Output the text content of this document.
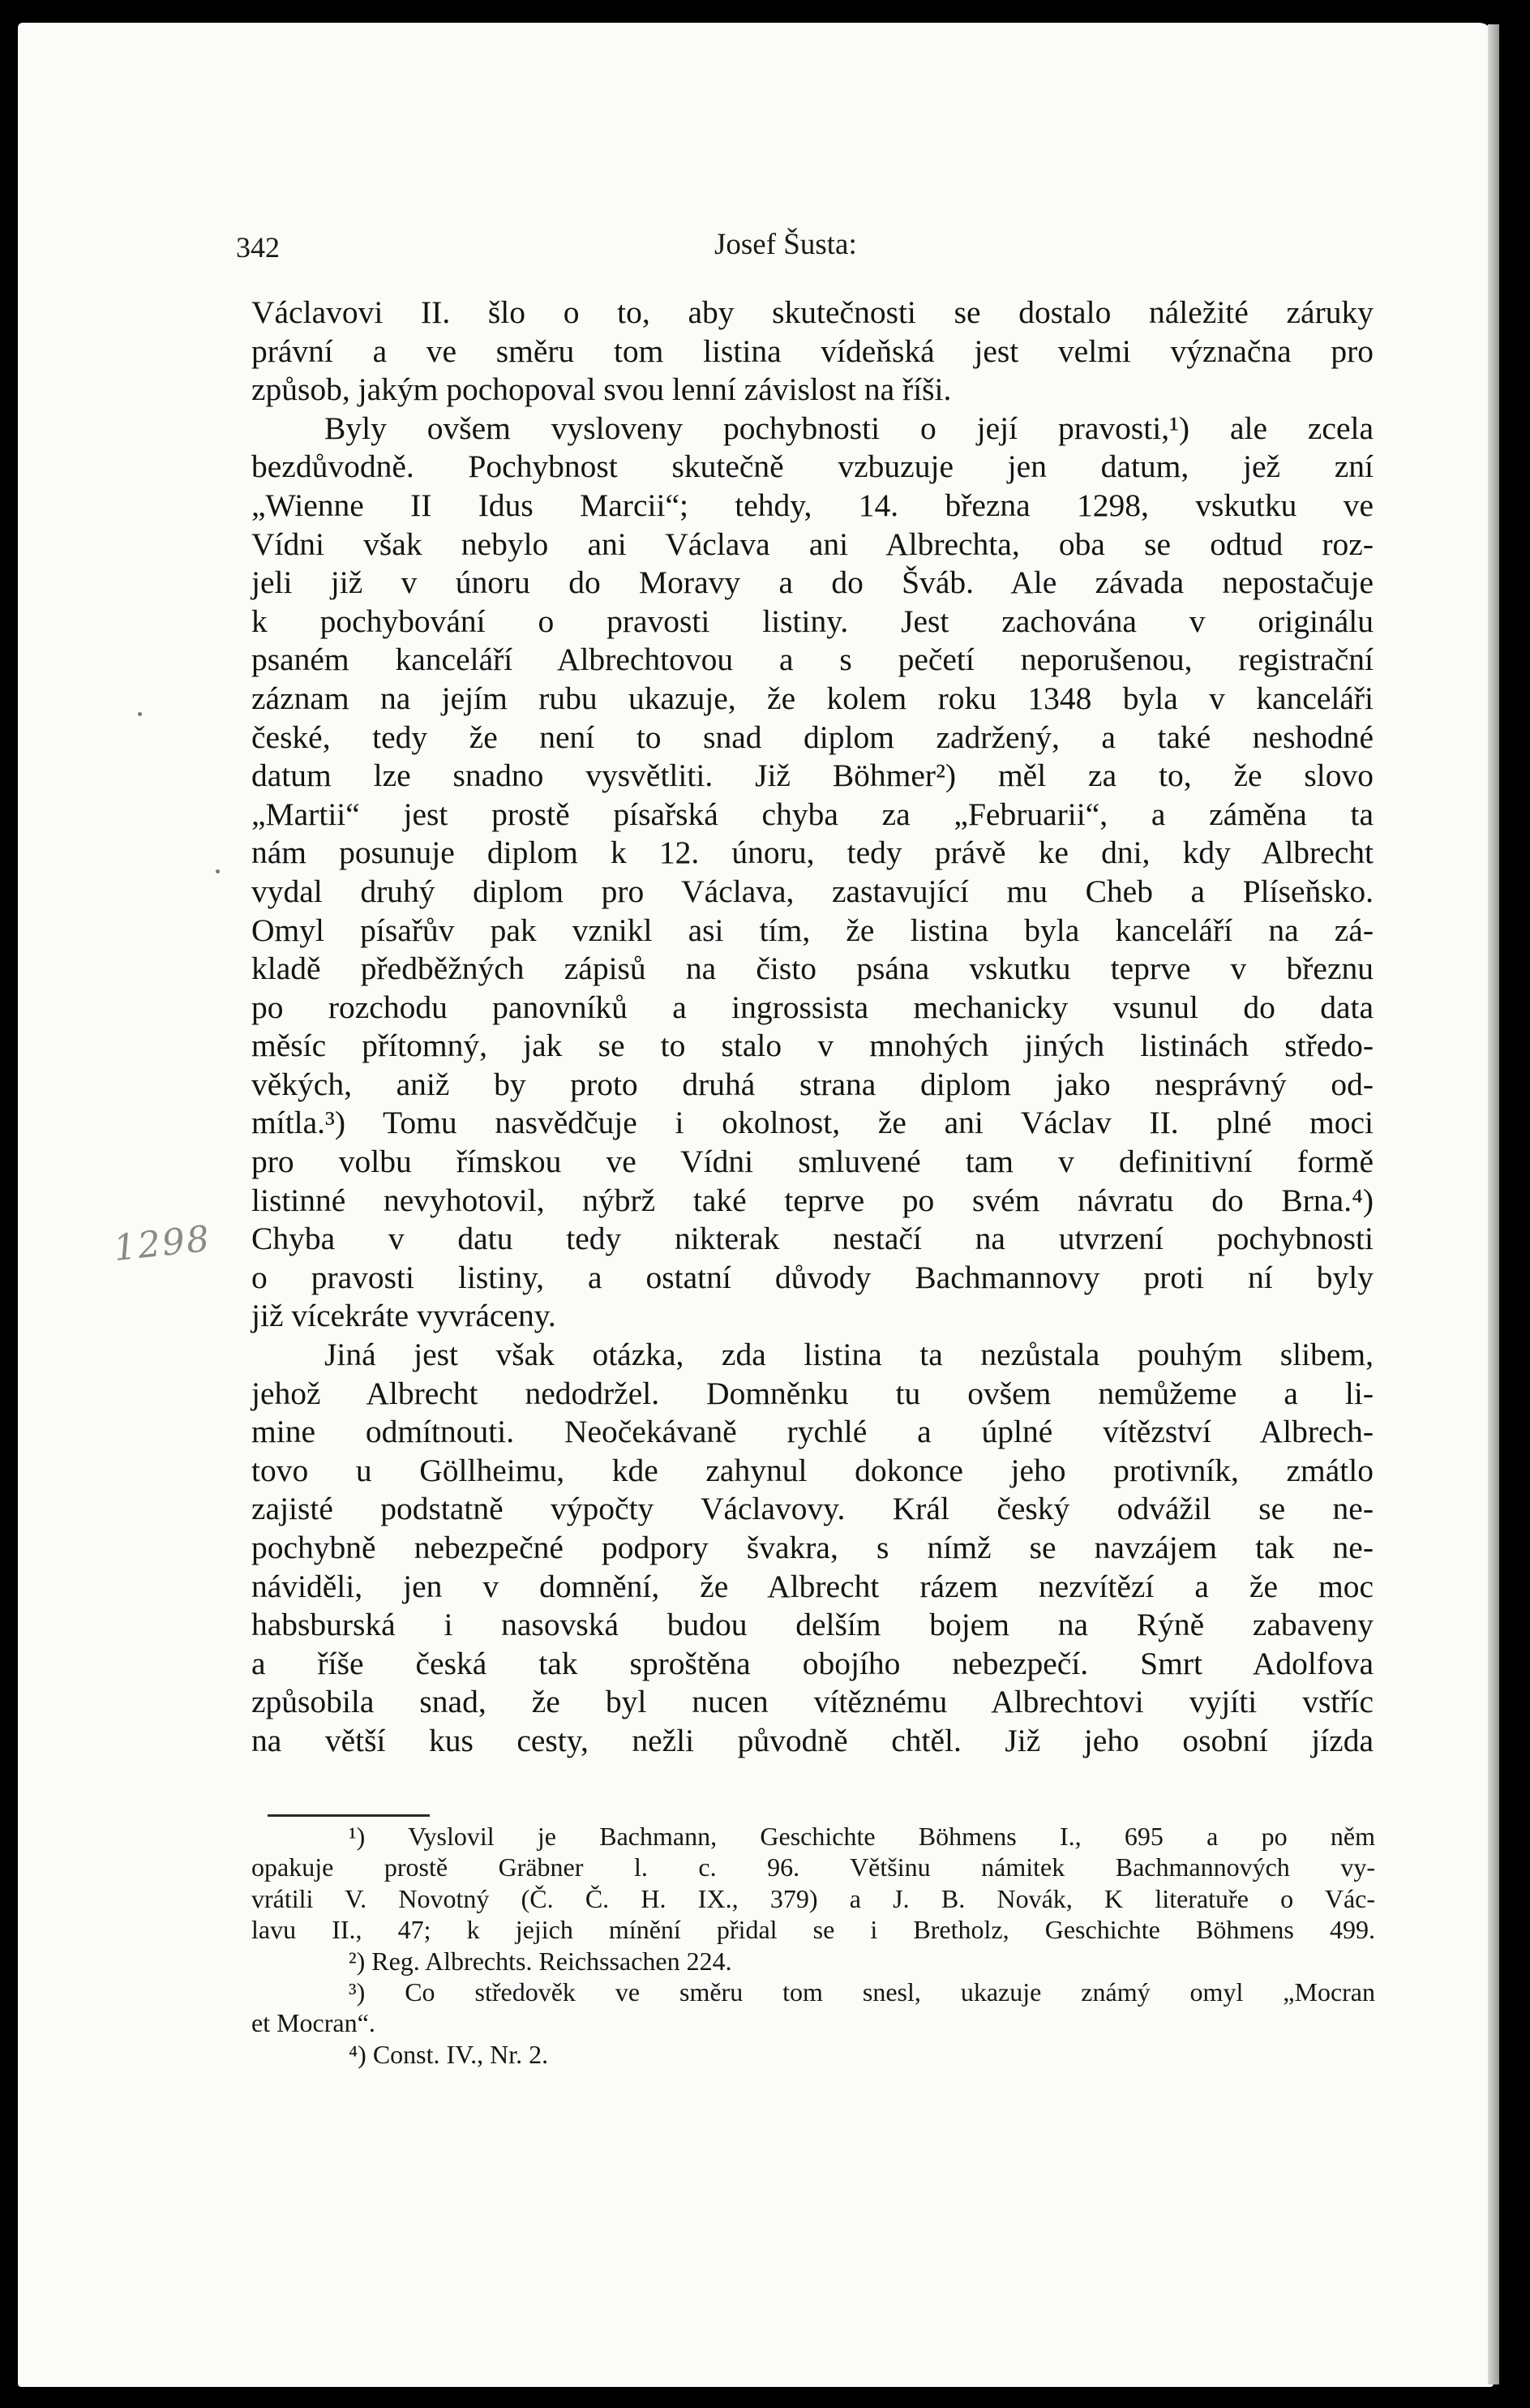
342	Josef Šusta:
Václavovi II. šlo o to, aby skutečnosti se dostalo náležité záruky
právní a ve směru tom listina vídeňská jest velmi význačna pro
způsob, jakým pochopoval svou lenní závislost na říši.
Byly ovšem vysloveny pochybnosti o její pravosti,¹) ale zcela
bezdůvodně. Pochybnost skutečně vzbuzuje jen datum, jež zní
„Wienne II Idus Marcii“; tehdy, 14. března 1298, vskutku ve
Vídni však nebylo ani Václava ani Albrechta, oba se odtud roz-
jeli již v únoru do Moravy a do Šváb. Ale závada nepostačuje
k pochybování o pravosti listiny. Jest zachována v originálu
psaném kanceláří Albrechtovou a s pečetí neporušenou, registrační
záznam na jejím rubu ukazuje, že kolem roku 1348 byla v kanceláři
české, tedy že není to snad diplom zadržený, a také neshodné
datum lze snadno vysvětliti. Již Böhmer²) měl za to, že slovo
„Martii“ jest prostě písařská chyba za „Februarii“, a záměna ta
nám posunuje diplom k 12. únoru, tedy právě ke dni, kdy Albrecht
vydal druhý diplom pro Václava, zastavující mu Cheb a Plíseňsko.
Omyl písařův pak vznikl asi tím, že listina byla kanceláří na zá-
kladě předběžných zápisů na čisto psána vskutku teprve v březnu
po rozchodu panovníků a ingrossista mechanicky vsunul do data
měsíc přítomný, jak se to stalo v mnohých jiných listinách středo-
věkých, aniž by proto druhá strana diplom jako nesprávný od-
mítla.³) Tomu nasvědčuje i okolnost, že ani Václav II. plné moci
pro volbu římskou ve Vídni smluvené tam v definitivní formě
listinné nevyhotovil, nýbrž také teprve po svém návratu do Brna.⁴)
Chyba v datu tedy nikterak nestačí na utvrzení pochybnosti
o pravosti listiny, a ostatní důvody Bachmannovy proti ní byly
již vícekráte vyvráceny.
Jiná jest však otázka, zda listina ta nezůstala pouhým slibem,
jehož Albrecht nedodržel. Domněnku tu ovšem nemůžeme a li-
mine odmítnouti. Neočekávaně rychlé a úplné vítězství Albrech-
tovo u Göllheimu, kde zahynul dokonce jeho protivník, zmátlo
zajisté podstatně výpočty Václavovy. Král český odvážil se ne-
pochybně nebezpečné podpory švakra, s nímž se navzájem tak ne-
náviděli, jen v domnění, že Albrecht rázem nezvítězí a že moc
habsburská i nasovská budou delším bojem na Rýně zabaveny
a říše česká tak sproštěna obojího nebezpečí. Smrt Adolfova
způsobila snad, že byl nucen vítěznému Albrechtovi vyjíti vstříc
na větší kus cesty, nežli původně chtěl. Již jeho osobní jízda
¹) Vyslovil je Bachmann, Geschichte Böhmens I., 695 a po něm
opakuje prostě Gräbner l. c. 96. Většinu námitek Bachmannových vy-
vrátili V. Novotný (Č. Č. H. IX., 379) a J. B. Novák, K literatuře o Vác-
lavu II., 47; k jejich mínění přidal se i Bretholz, Geschichte Böhmens 499.
²) Reg. Albrechts. Reichssachen 224.
³) Co středověk ve směru tom snesl, ukazuje známý omyl „Mocran
et Mocran“.
⁴) Const. IV., Nr. 2.
1298
